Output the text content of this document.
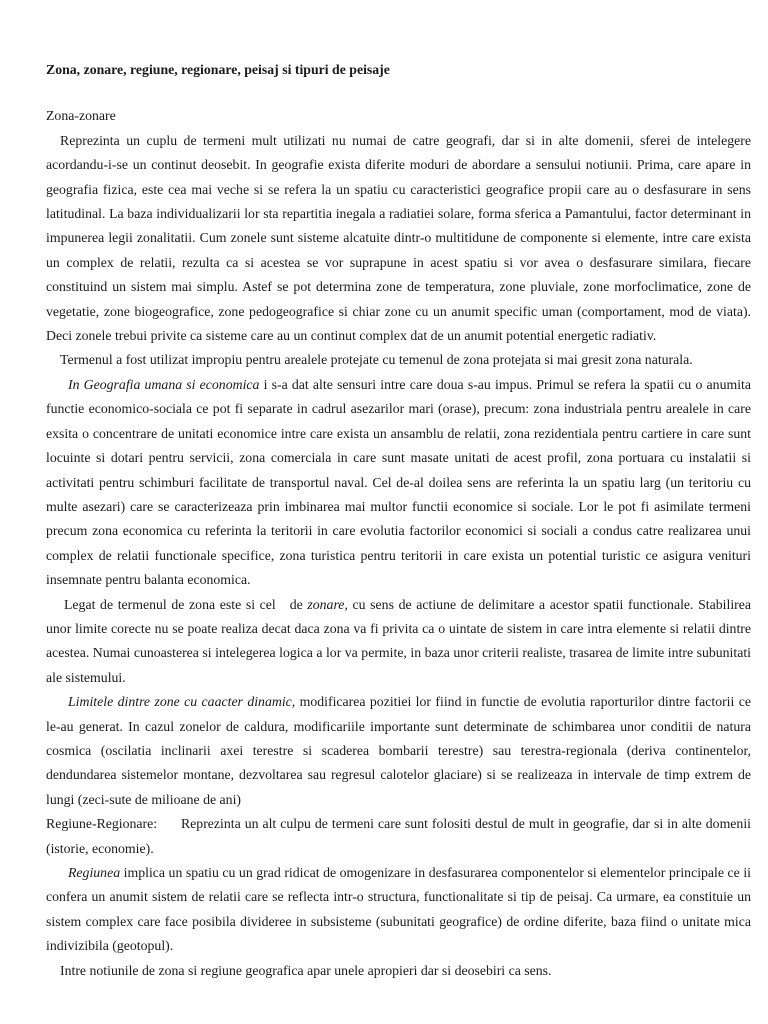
Zona, zonare, regiune, regionare, peisaj si tipuri de peisaje

Zona-zonare

Reprezinta un cuplu de termeni mult utilizati nu numai de catre geografi, dar si in alte domenii, sferei de intelegere acordandu-i-se un continut deosebit. In geografie exista diferite moduri de abordare a sensului notiunii. Prima, care apare in geografia fizica, este cea mai veche si se refera la un spatiu cu caracteristici geografice propii care au o desfasurare in sens latitudinal. La baza individualizarii lor sta repartitia inegala a radiatiei solare, forma sferica a Pamantului, factor determinant in impunerea legii zonalitatii. Cum zonele sunt sisteme alcatuite dintr-o multitidune de componente si elemente, intre care exista un complex de relatii, rezulta ca si acestea se vor suprapune in acest spatiu si vor avea o desfasurare similara, fiecare constituind un sistem mai simplu. Astef se pot determina zone de temperatura, zone pluviale, zone morfoclimatice, zone de vegetatie, zone biogeografice, zone pedogeografice si chiar zone cu un anumit specific uman (comportament, mod de viata). Deci zonele trebui privite ca sisteme care au un continut complex dat de un anumit potential energetic radiativ.

Termenul a fost utilizat impropiu pentru arealele protejate cu temenul de zona protejata si mai gresit zona naturala.

In Geografia umana si economica i s-a dat alte sensuri intre care doua s-au impus. Primul se refera la spatii cu o anumita functie economico-sociala ce pot fi separate in cadrul asezarilor mari (orase), precum: zona industriala pentru arealele in care exsita o concentrare de unitati economice intre care exista un ansamblu de relatii, zona rezidentiala pentru cartiere in care sunt locuinte si dotari pentru servicii, zona comerciala in care sunt masate unitati de acest profil, zona portuara cu instalatii si activitati pentru schimburi facilitate de transportul naval. Cel de-al doilea sens are referinta la un spatiu larg (un teritoriu cu multe asezari) care se caracterizeaza prin imbinarea mai multor functii economice si sociale. Lor le pot fi asimilate termeni precum zona economica cu referinta la teritorii in care evolutia factorilor economici si sociali a condus catre realizarea unui complex de relatii functionale specifice, zona turistica pentru teritorii in care exista un potential turistic ce asigura venituri insemnate pentru balanta economica.

Legat de termenul de zona este si cel   de zonare, cu sens de actiune de delimitare a acestor spatii functionale. Stabilirea unor limite corecte nu se poate realiza decat daca zona va fi privita ca o uintate de sistem in care intra elemente si relatii dintre acestea. Numai cunoasterea si intelegerea logica a lor va permite, in baza unor criterii realiste, trasarea de limite intre subunitati ale sistemului.

Limitele dintre zone cu caacter dinamic, modificarea pozitiei lor fiind in functie de evolutia raporturilor dintre factorii ce le-au generat. In cazul zonelor de caldura, modificariile importante sunt determinate de schimbarea unor conditii de natura cosmica (oscilatia inclinarii axei terestre si scaderea bombarii terestre) sau terestra-regionala (deriva continentelor, dendundarea sistemelor montane, dezvoltarea sau regresul calotelor glaciare) si se realizeaza in intervale de timp extrem de lungi (zeci-sute de milioane de ani)

Regiune-Regionare: Reprezinta un alt culpu de termeni care sunt folositi destul de mult in geografie, dar si in alte domenii (istorie, economie).

Regiunea implica un spatiu cu un grad ridicat de omogenizare in desfasurarea componentelor si elementelor principale ce ii confera un anumit sistem de relatii care se reflecta intr-o structura, functionalitate si tip de peisaj. Ca urmare, ea constituie un sistem complex care face posibila divideree in subsisteme (subunitati geografice) de ordine diferite, baza fiind o unitate mica indivizibila (geotopul).

Intre notiunile de zona si regiune geografica apar unele apropieri dar si deosebiri ca sens.
